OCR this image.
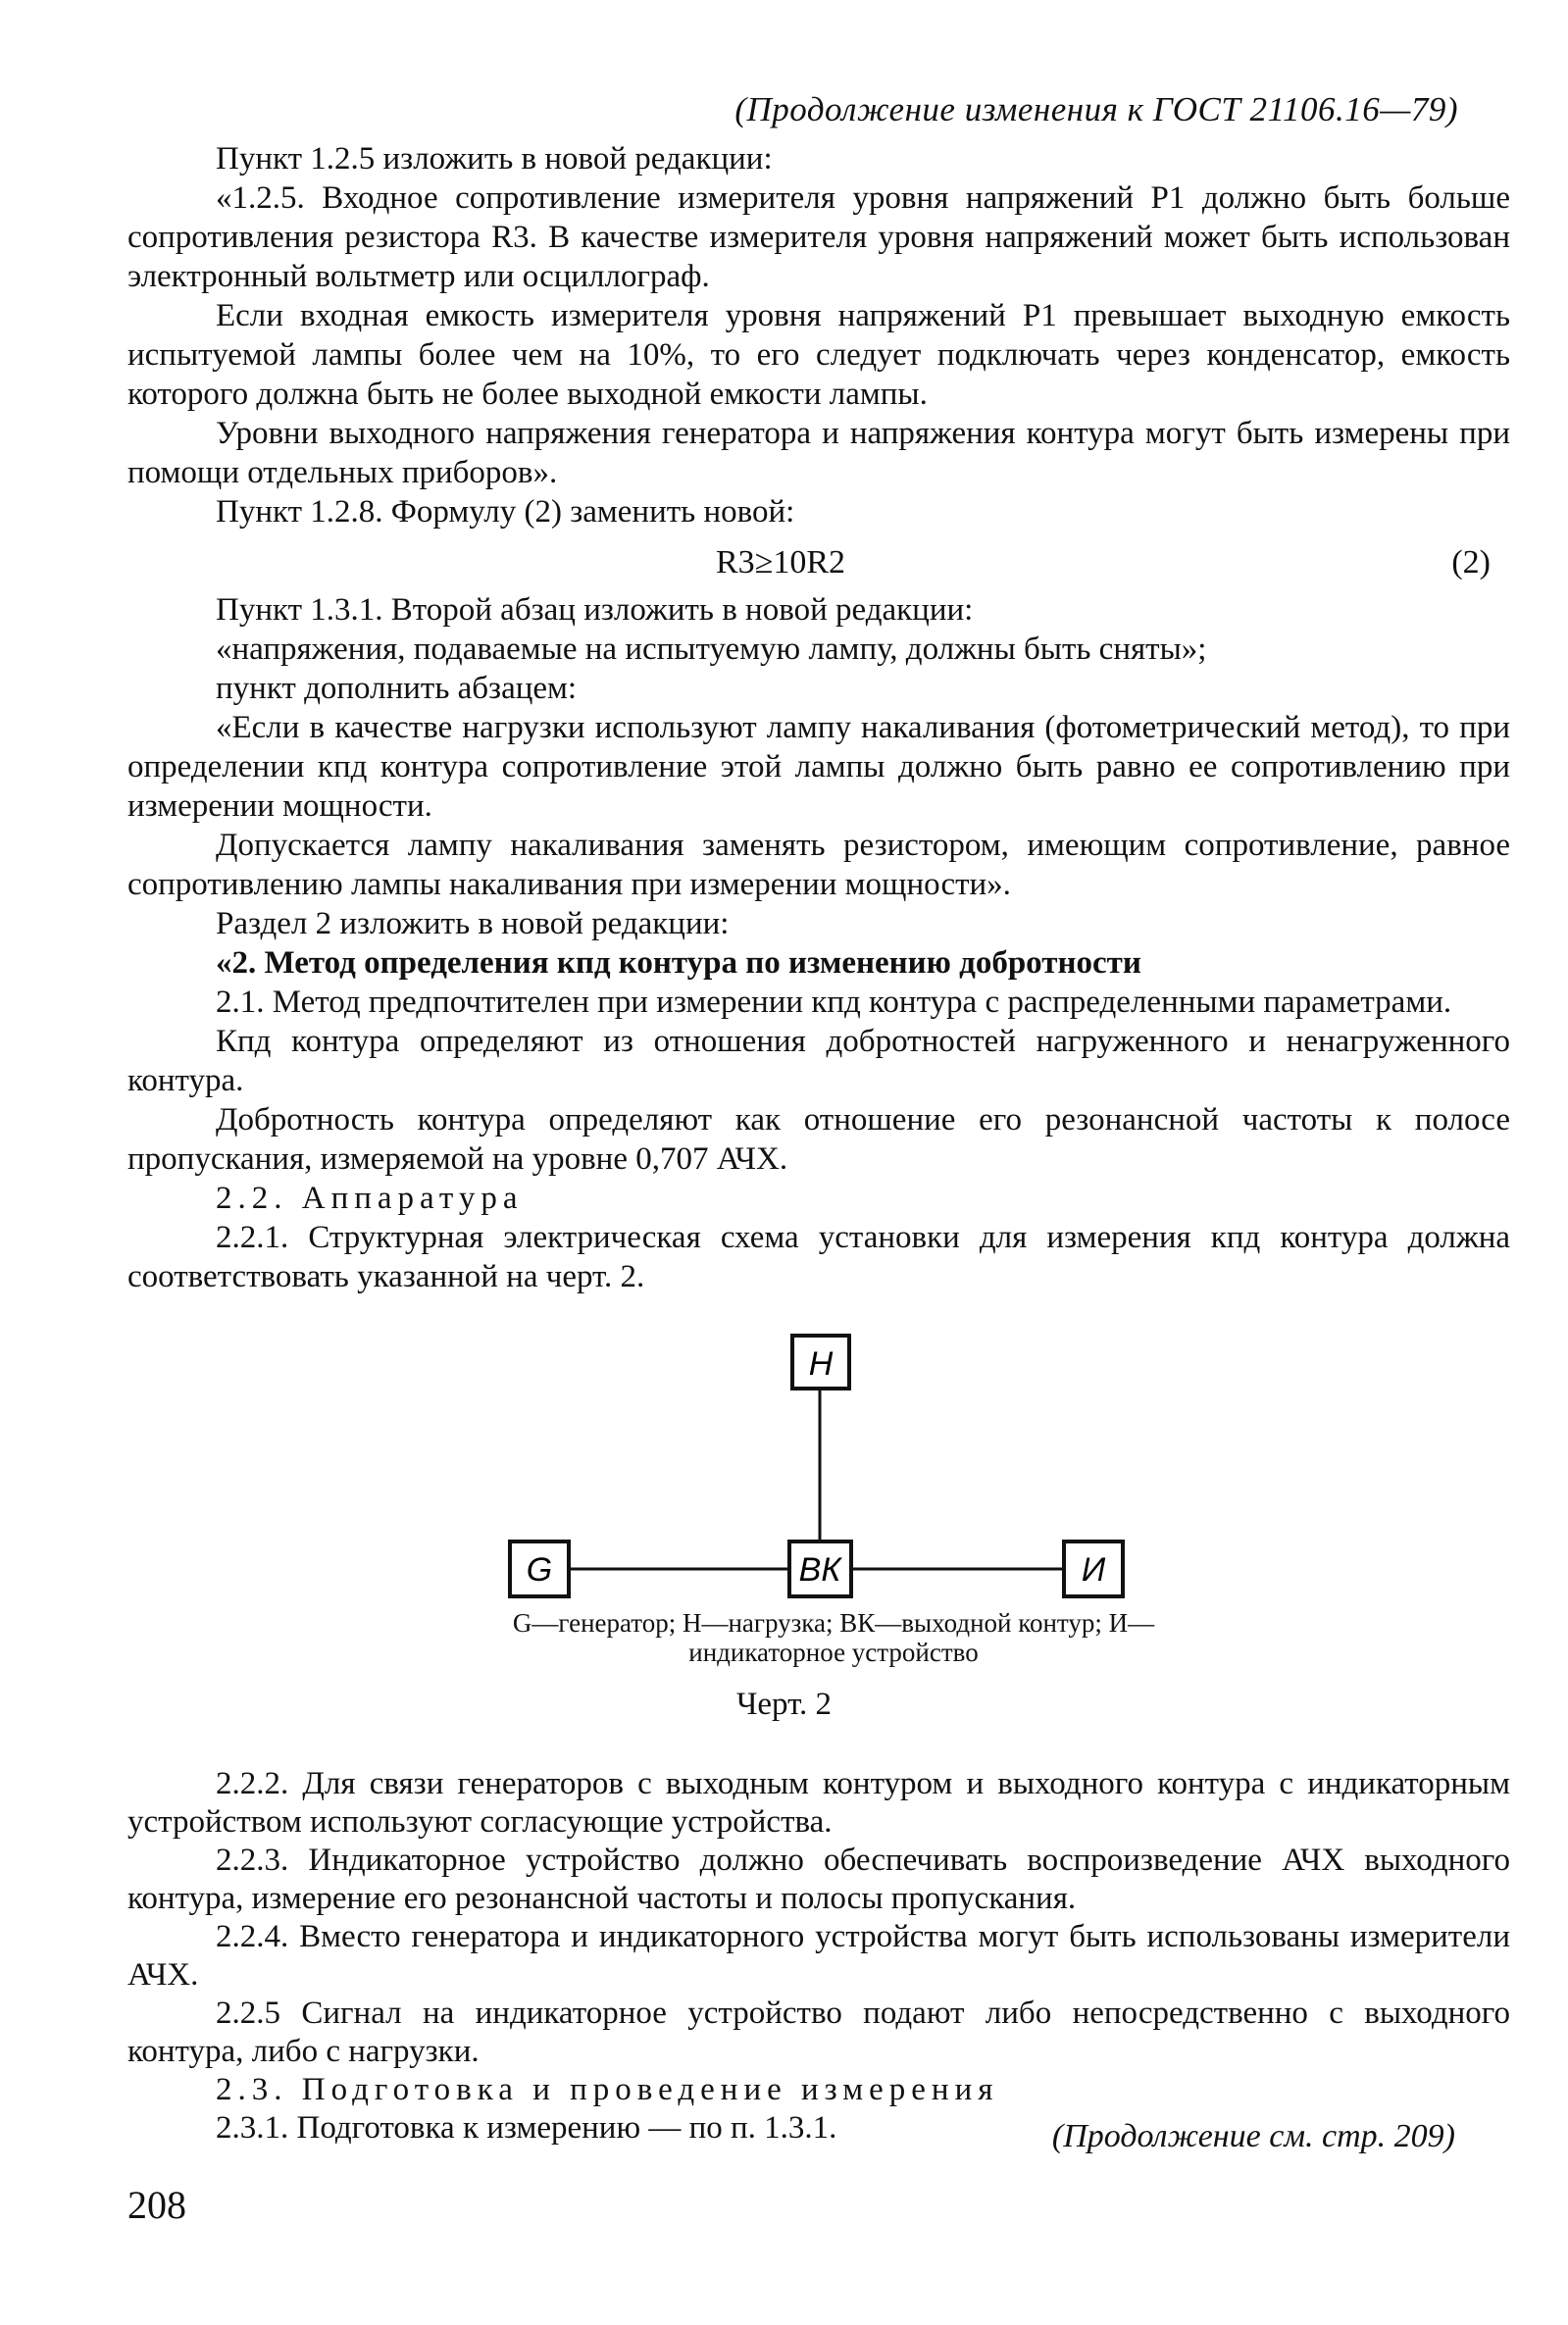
(Продолжение изменения к ГОСТ 21106.16—79)

Пункт 1.2.5 изложить в новой редакции:

«1.2.5. Входное сопротивление измерителя уровня напряжений P1 должно быть больше сопротивления резистора R3. В качестве измерителя уровня напряжений может быть использован электронный вольтметр или осциллограф.

Если входная емкость измерителя уровня напряжений P1 превышает выходную емкость испытуемой лампы более чем на 10%, то его следует подключать через конденсатор, емкость которого должна быть не более выходной емкости лампы.

Уровни выходного напряжения генератора и напряжения контура могут быть измерены при помощи отдельных приборов».

Пункт 1.2.8. Формулу (2) заменить новой:

R3≥10R2	(2)

Пункт 1.3.1. Второй абзац изложить в новой редакции:

«напряжения, подаваемые на испытуемую лампу, должны быть сняты»;

пункт дополнить абзацем:

«Если в качестве нагрузки используют лампу накаливания (фотометрический метод), то при определении кпд контура сопротивление этой лампы должно быть равно ее сопротивлению при измерении мощности.

Допускается лампу накаливания заменять резистором, имеющим сопротивление, равное сопротивлению лампы накаливания при измерении мощности».

Раздел 2 изложить в новой редакции:

«2. Метод определения кпд контура по изменению добротности

2.1. Метод предпочтителен при измерении кпд контура с распределенными параметрами.

Кпд контура определяют из отношения добротностей нагруженного и ненагруженного контура.

Добротность контура определяют как отношение его резонансной частоты к полосе пропускания, измеряемой на уровне 0,707 АЧХ.

2.2. Аппаратура

2.2.1. Структурная электрическая схема установки для измерения кпд контура должна соответствовать указанной на черт. 2.

Н
G	ВК	И
G—генератор; Н—нагрузка; ВК—выходной контур; И—индикаторное устройство
Черт. 2

2.2.2. Для связи генераторов с выходным контуром и выходного контура с индикаторным устройством используют согласующие устройства.

2.2.3. Индикаторное устройство должно обеспечивать воспроизведение АЧХ выходного контура, измерение его резонансной частоты и полосы пропускания.

2.2.4. Вместо генератора и индикаторного устройства могут быть использованы измерители АЧХ.

2.2.5 Сигнал на индикаторное устройство подают либо непосредственно с выходного контура, либо с нагрузки.

2.3. Подготовка и проведение измерения

2.3.1. Подготовка к измерению — по п. 1.3.1.	(Продолжение см. стр. 209)
208
